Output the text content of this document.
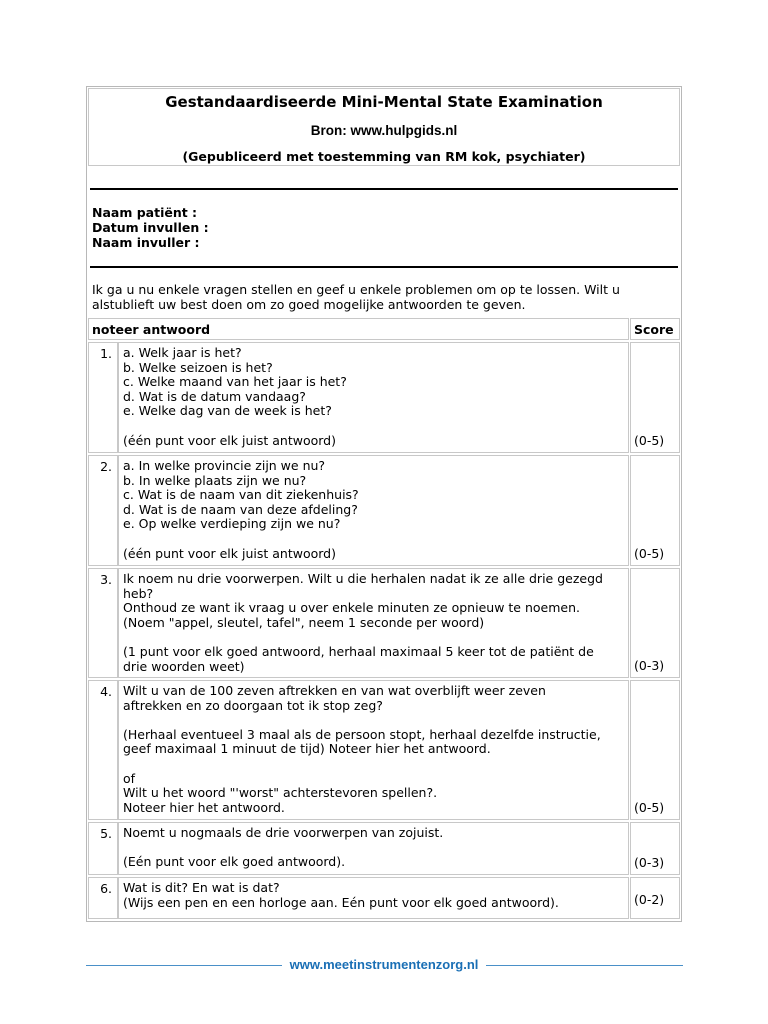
Gestandaardiseerde Mini-Mental State Examination
Bron: www.hulpgids.nl
(Gepubliceerd met toestemming van RM kok, psychiater)
Naam patiënt :
Datum invullen :
Naam invuller :
Ik ga u nu enkele vragen stellen en geef u enkele problemen om op te lossen. Wilt u alstublieft uw best doen om zo goed mogelijke antwoorden te geven.
noteer antwoord	Score
1. a. Welk jaar is het?
b. Welke seizoen is het?
c. Welke maand van het jaar is het?
d. Wat is de datum vandaag?
e. Welke dag van de week is het?
(één punt voor elk juist antwoord)	(0-5)
2. a. In welke provincie zijn we nu?
b. In welke plaats zijn we nu?
c. Wat is de naam van dit ziekenhuis?
d. Wat is de naam van deze afdeling?
e. Op welke verdieping zijn we nu?
(één punt voor elk juist antwoord)	(0-5)
3. Ik noem nu drie voorwerpen. Wilt u die herhalen nadat ik ze alle drie gezegd
heb?
Onthoud ze want ik vraag u over enkele minuten ze opnieuw te noemen.
(Noem "appel, sleutel, tafel", neem 1 seconde per woord)
(1 punt voor elk goed antwoord, herhaal maximaal 5 keer tot de patiënt de
drie woorden weet)	(0-3)
4. Wilt u van de 100 zeven aftrekken en van wat overblijft weer zeven
aftrekken en zo doorgaan tot ik stop zeg?
(Herhaal eventueel 3 maal als de persoon stopt, herhaal dezelfde instructie,
geef maximaal 1 minuut de tijd) Noteer hier het antwoord.
of
Wilt u het woord "'worst" achterstevoren spellen?.
Noteer hier het antwoord.	(0-5)
5. Noemt u nogmaals de drie voorwerpen van zojuist.
(Eén punt voor elk goed antwoord).	(0-3)
6. Wat is dit? En wat is dat?
(Wijs een pen en een horloge aan. Eén punt voor elk goed antwoord).	(0-2)
www.meetinstrumentenzorg.nl
